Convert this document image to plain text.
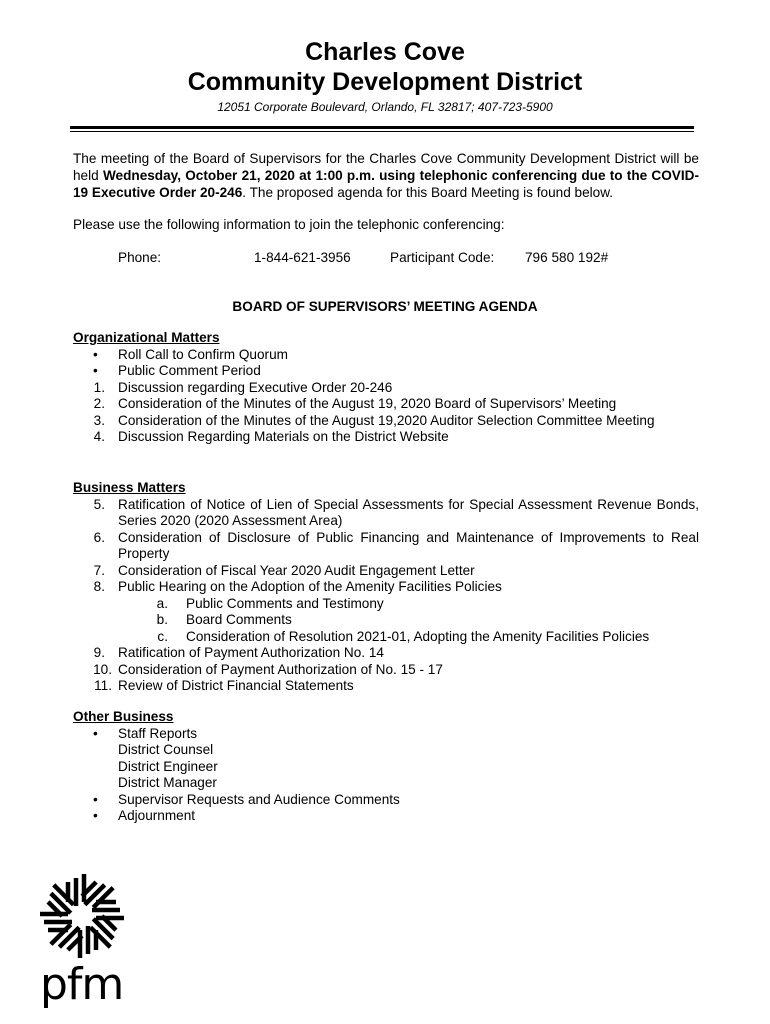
Charles Cove
Community Development District
12051 Corporate Boulevard, Orlando, FL 32817; 407-723-5900

The meeting of the Board of Supervisors for the Charles Cove Community Development District will be held Wednesday, October 21, 2020 at 1:00 p.m. using telephonic conferencing due to the COVID-19 Executive Order 20-246. The proposed agenda for this Board Meeting is found below.

Please use the following information to join the telephonic conferencing:

Phone:	1-844-621-3956	Participant Code: 796 580 192#
BOARD OF SUPERVISORS’ MEETING AGENDA
Organizational Matters
•	Roll Call to Confirm Quorum
•	Public Comment Period
1. Discussion regarding Executive Order 20-246
2. Consideration of the Minutes of the August 19, 2020 Board of Supervisors’ Meeting
3. Consideration of the Minutes of the August 19,2020 Auditor Selection Committee Meeting
4. Discussion Regarding Materials on the District Website
Business Matters
5. Ratification of Notice of Lien of Special Assessments for Special Assessment Revenue Bonds, Series 2020 (2020 Assessment Area)
6. Consideration of Disclosure of Public Financing and Maintenance of Improvements to Real Property
7. Consideration of Fiscal Year 2020 Audit Engagement Letter
8. Public Hearing on the Adoption of the Amenity Facilities Policies
a. Public Comments and Testimony
b. Board Comments
c. Consideration of Resolution 2021-01, Adopting the Amenity Facilities Policies
9. Ratification of Payment Authorization No. 14
10. Consideration of Payment Authorization of No. 15 - 17
11. Review of District Financial Statements
Other Business
•	Staff Reports
District Counsel
District Engineer
District Manager
•	Supervisor Requests and Audience Comments
•	Adjournment
pfm
